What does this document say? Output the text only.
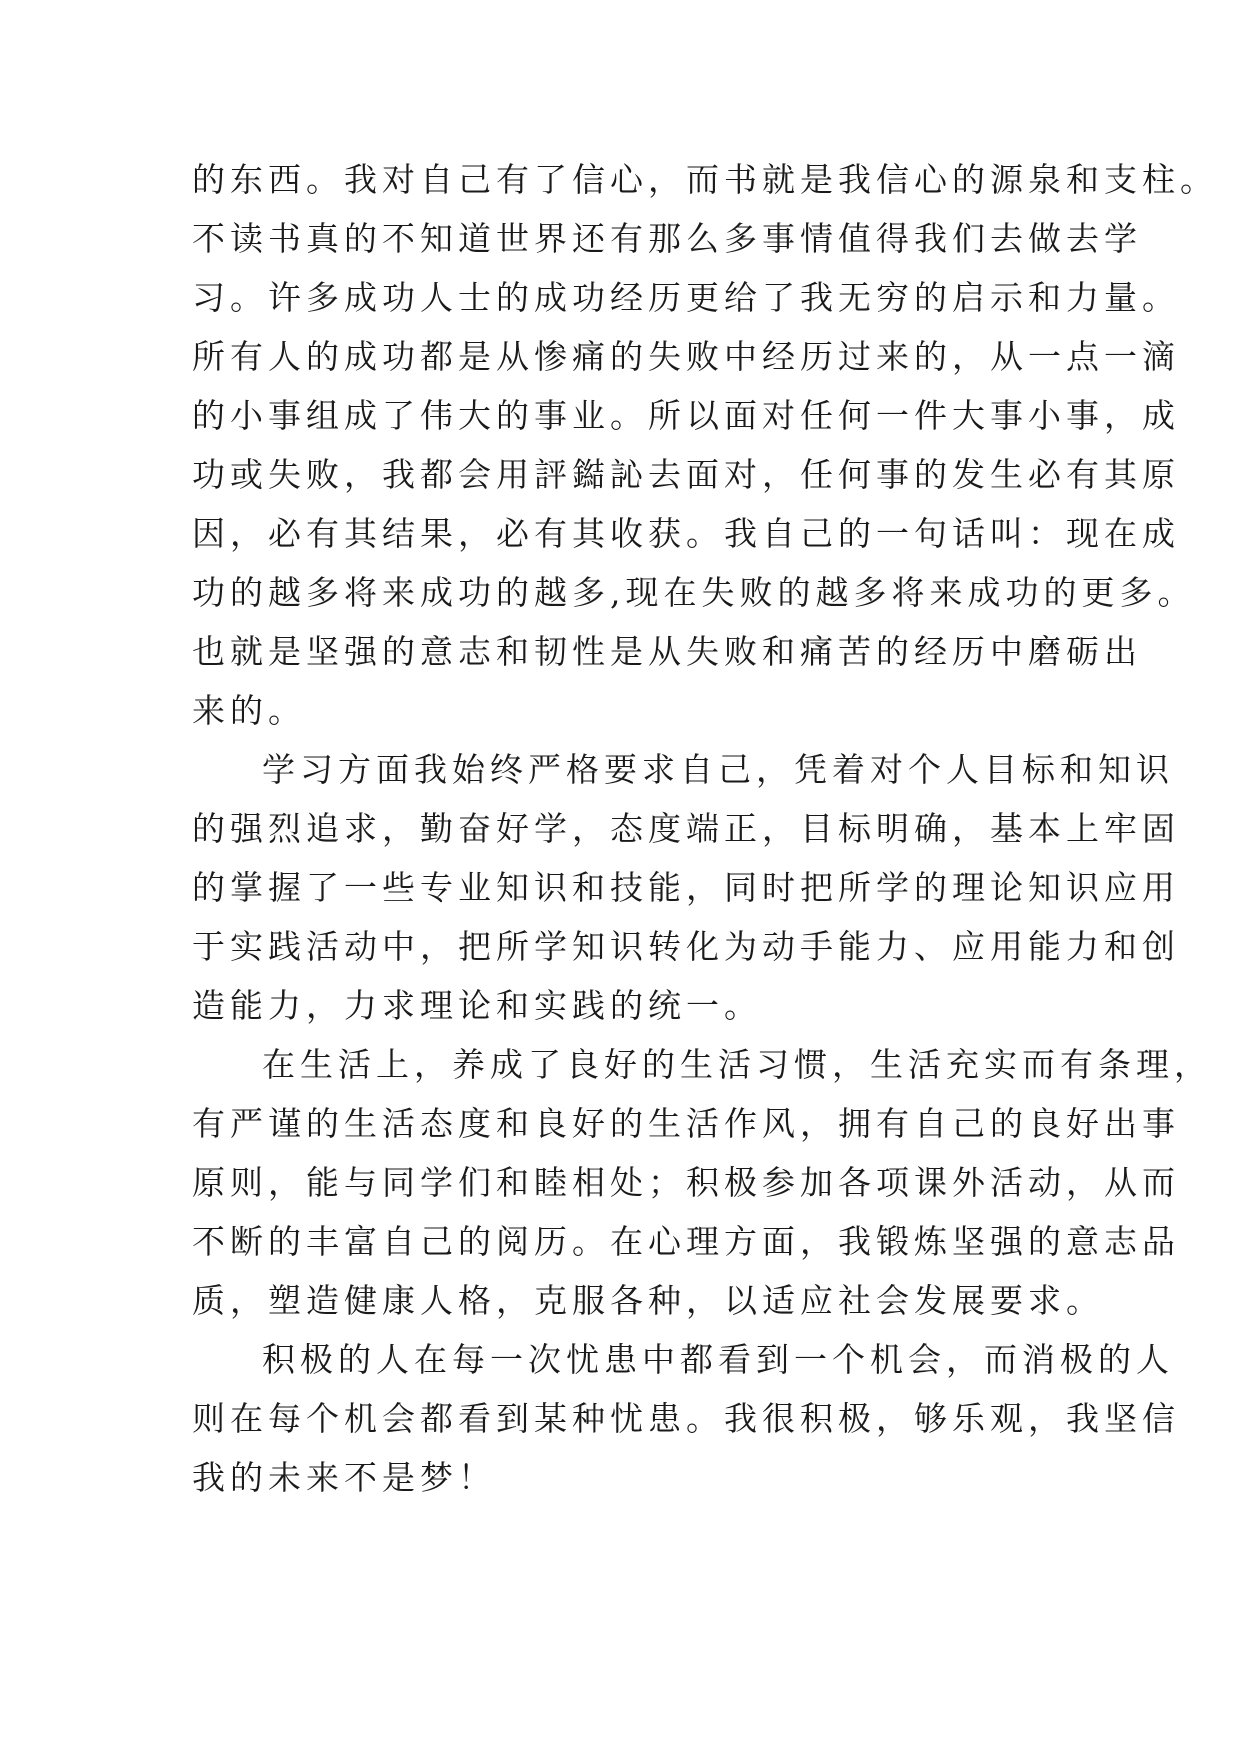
的东西。我对自己有了信心，而书就是我信心的源泉和支柱。
不读书真的不知道世界还有那么多事情值得我们去做去学
习。许多成功人士的成功经历更给了我无穷的启示和力量。
所有人的成功都是从惨痛的失败中经历过来的，从一点一滴
的小事组成了伟大的事业。所以面对任何一件大事小事，成
功或失败，我都会用評鐑訫去面对，任何事的发生必有其原
因，必有其结果，必有其收获。我自己的一句话叫：现在成
功的越多将来成功的越多,现在失败的越多将来成功的更多。
也就是坚强的意志和韧性是从失败和痛苦的经历中磨砺出
来的。
学习方面我始终严格要求自己，凭着对个人目标和知识
的强烈追求，勤奋好学，态度端正，目标明确，基本上牢固
的掌握了一些专业知识和技能，同时把所学的理论知识应用
于实践活动中，把所学知识转化为动手能力、应用能力和创
造能力，力求理论和实践的统一。
在生活上，养成了良好的生活习惯，生活充实而有条理，
有严谨的生活态度和良好的生活作风，拥有自己的良好出事
原则，能与同学们和睦相处；积极参加各项课外活动，从而
不断的丰富自己的阅历。在心理方面，我锻炼坚强的意志品
质，塑造健康人格，克服各种，以适应社会发展要求。
积极的人在每一次忧患中都看到一个机会，而消极的人
则在每个机会都看到某种忧患。我很积极，够乐观，我坚信
我的未来不是梦！
